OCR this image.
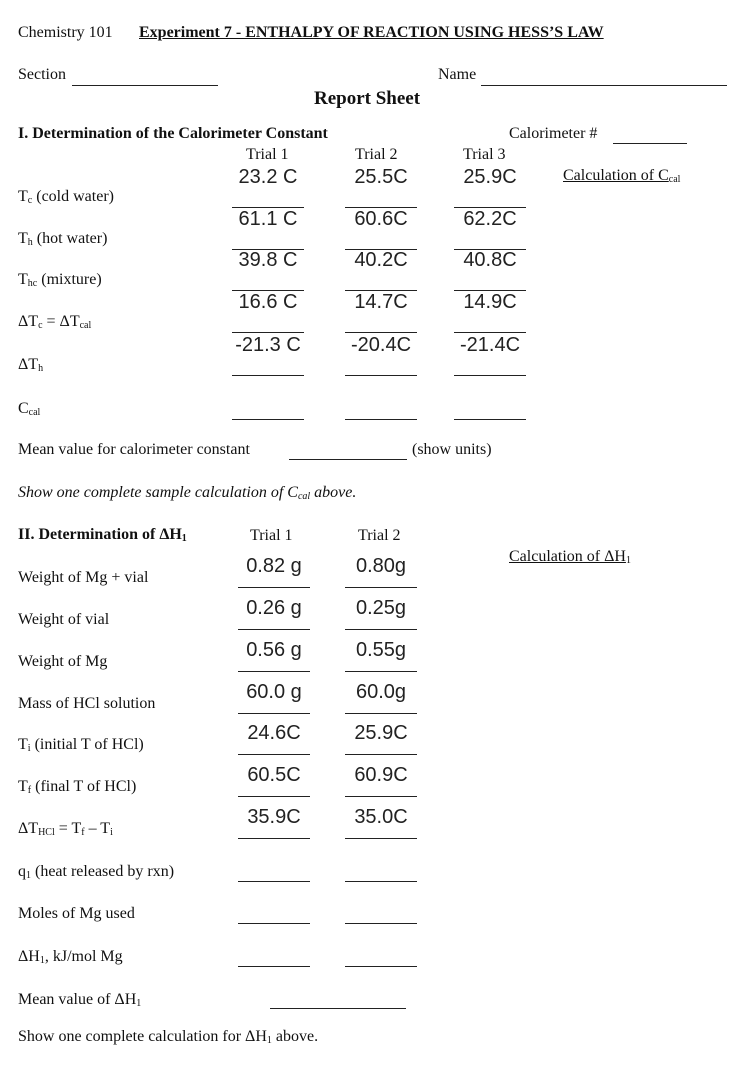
Chemistry 101 Experiment 7 - ENTHALPY OF REACTION USING HESS’S LAW
Section	Name
Report Sheet
I. Determination of the Calorimeter Constant	Calorimeter #
Trial 1	Trial 2	Trial 3
Calculation of $C_{cal}$
$T_c$ (cold water)
23.2 C	25.5C	25.9C
$T_h$ (hot water)
61.1 C	60.6C	62.2C
$T_{hc}$ (mixture)
39.8 C	40.2C	40.8C
$\Delta T_c = \Delta T_{cal}$
16.6 C	14.7C	14.9C
$\Delta T_h$
-21.3 C	-20.4C	-21.4C
$C_{cal}$
Mean value for calorimeter constant	(show units)
Show one complete sample calculation of $C_{cal}$ above.
II. Determination of $\Delta H_1$	Trial 1	Trial 2
Calculation of $\Delta H_1$
Weight of Mg + vial
0.82 g	0.80g
Weight of vial
0.26 g	0.25g
Weight of Mg
0.56 g	0.55g
Mass of HCl solution
60.0 g	60.0g
$T_i$ (initial T of HCl)
24.6C	25.9C
$T_f$ (final T of HCl)
60.5C	60.9C
$\Delta T_{HCl} = T_f - T_i$
35.9C	35.0C
$q_1$ (heat released by rxn)
Moles of Mg used
$\Delta H_1$, kJ/mol Mg
Mean value of $\Delta H_1$
Show one complete calculation for $\Delta H_1$ above.
